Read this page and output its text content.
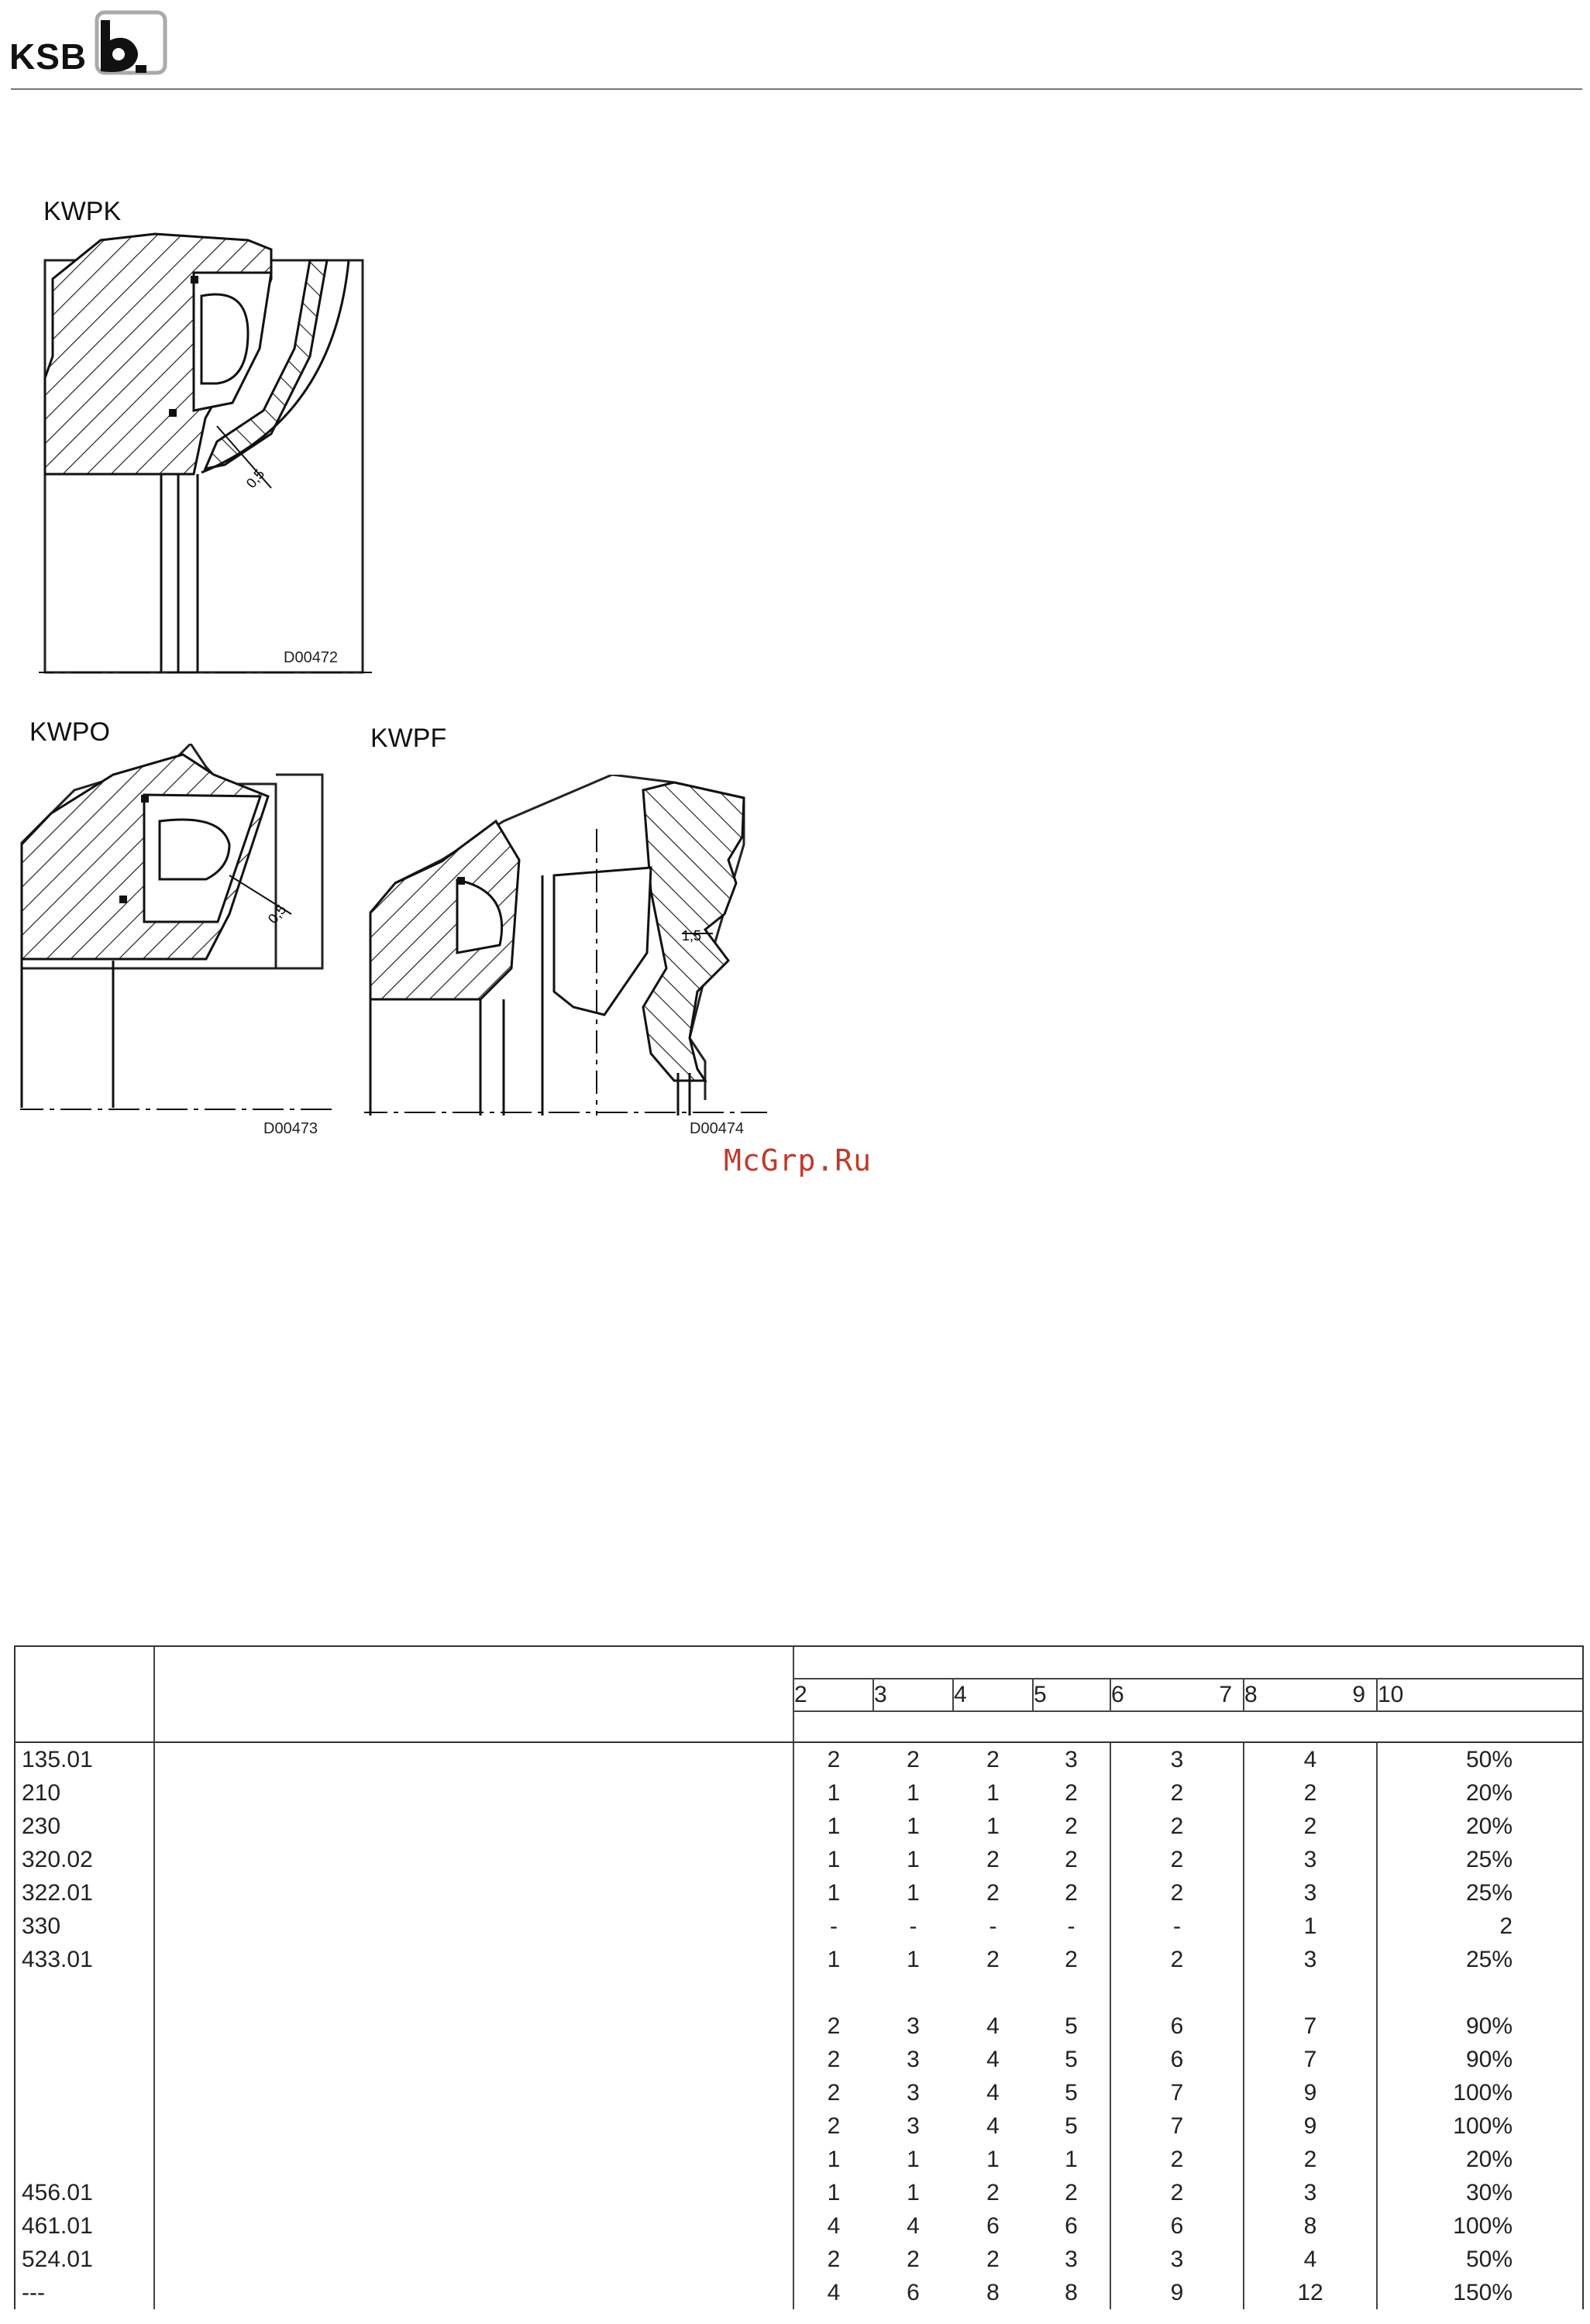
KSB
KWPK
0,5
D00472
KWPO
0,5
D00473
KWPF
1,5
D00474
McGrp.Ru

		2	3	4	5	6 7	8 9	10

135.01		2	2	2	3	3	4	50%
210		1	1	1	2	2	2	20%
230		1	1	1	2	2	2	20%
320.02		1	1	2	2	2	3	25%
322.01		1	1	2	2	2	3	25%
330		-	-	-	-	-	1	2
433.01		1	1	2	2	2	3	25%

		2	3	4	5	6	7	90%
		2	3	4	5	6	7	90%
		2	3	4	5	7	9	100%
		2	3	4	5	7	9	100%
		1	1	1	1	2	2	20%
456.01		1	1	2	2	2	3	30%
461.01		4	4	6	6	6	8	100%
524.01		2	2	2	3	3	4	50%
---		4	6	8	8	9	12	150%
